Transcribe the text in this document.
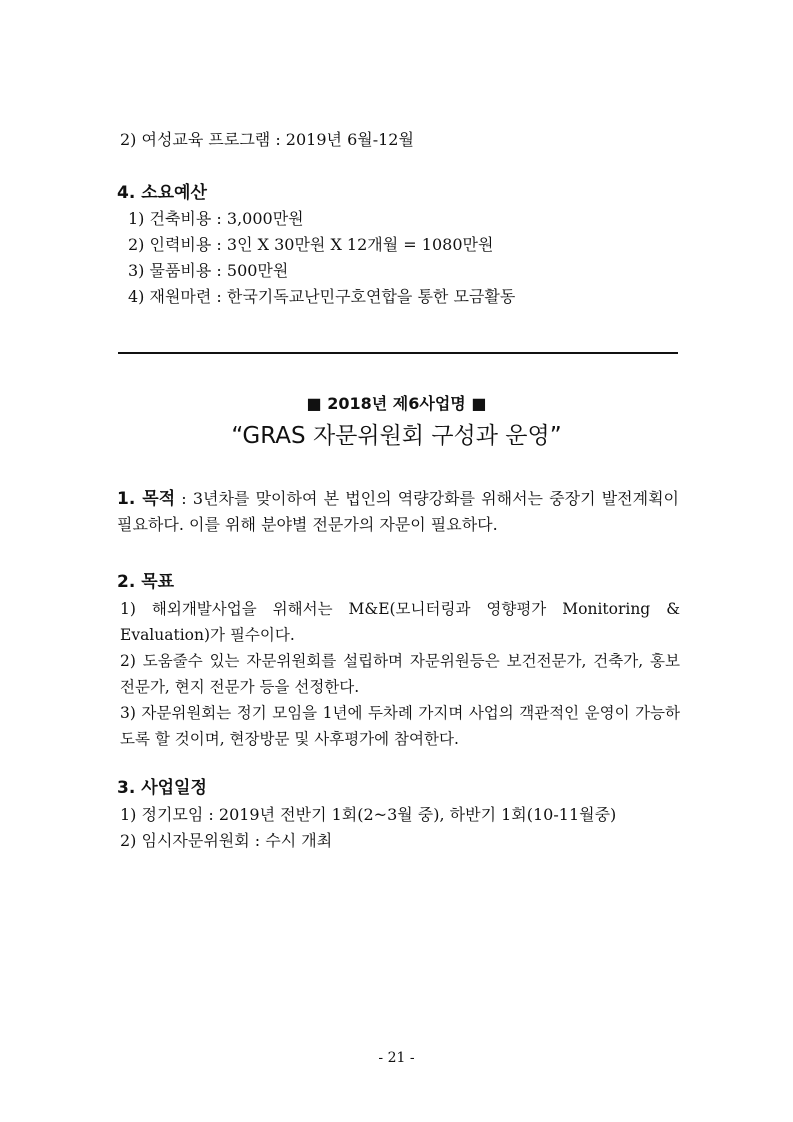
2) 여성교육 프로그램 : 2019년 6월-12월
4. 소요예산
1) 건축비용 : 3,000만원
2) 인력비용 : 3인 X 30만원 X 12개월 = 1080만원
3) 물품비용 : 500만원
4) 재원마련 : 한국기독교난민구호연합을 통한 모금활동
■ 2018년 제6사업명 ■
“GRAS 자문위원회 구성과 운영”
1. 목적 : 3년차를 맞이하여 본 법인의 역량강화를 위해서는 중장기 발전계획이 필요하다. 이를 위해 분야별 전문가의 자문이 필요하다.
2. 목표
1) 해외개발사업을 위해서는 M&E(모니터링과 영향평가 Monitoring & Evaluation)가 필수이다.
2) 도움줄수 있는 자문위원회를 설립하며 자문위원등은 보건전문가, 건축가, 홍보 전문가, 현지 전문가 등을 선정한다.
3) 자문위원회는 정기 모임을 1년에 두차례 가지며 사업의 객관적인 운영이 가능하도록 할 것이며, 현장방문 및 사후평가에 참여한다.
3. 사업일정
1) 정기모임 : 2019년 전반기 1회(2~3월 중), 하반기 1회(10-11월중)
2) 임시자문위원회 : 수시 개최
- 21 -
